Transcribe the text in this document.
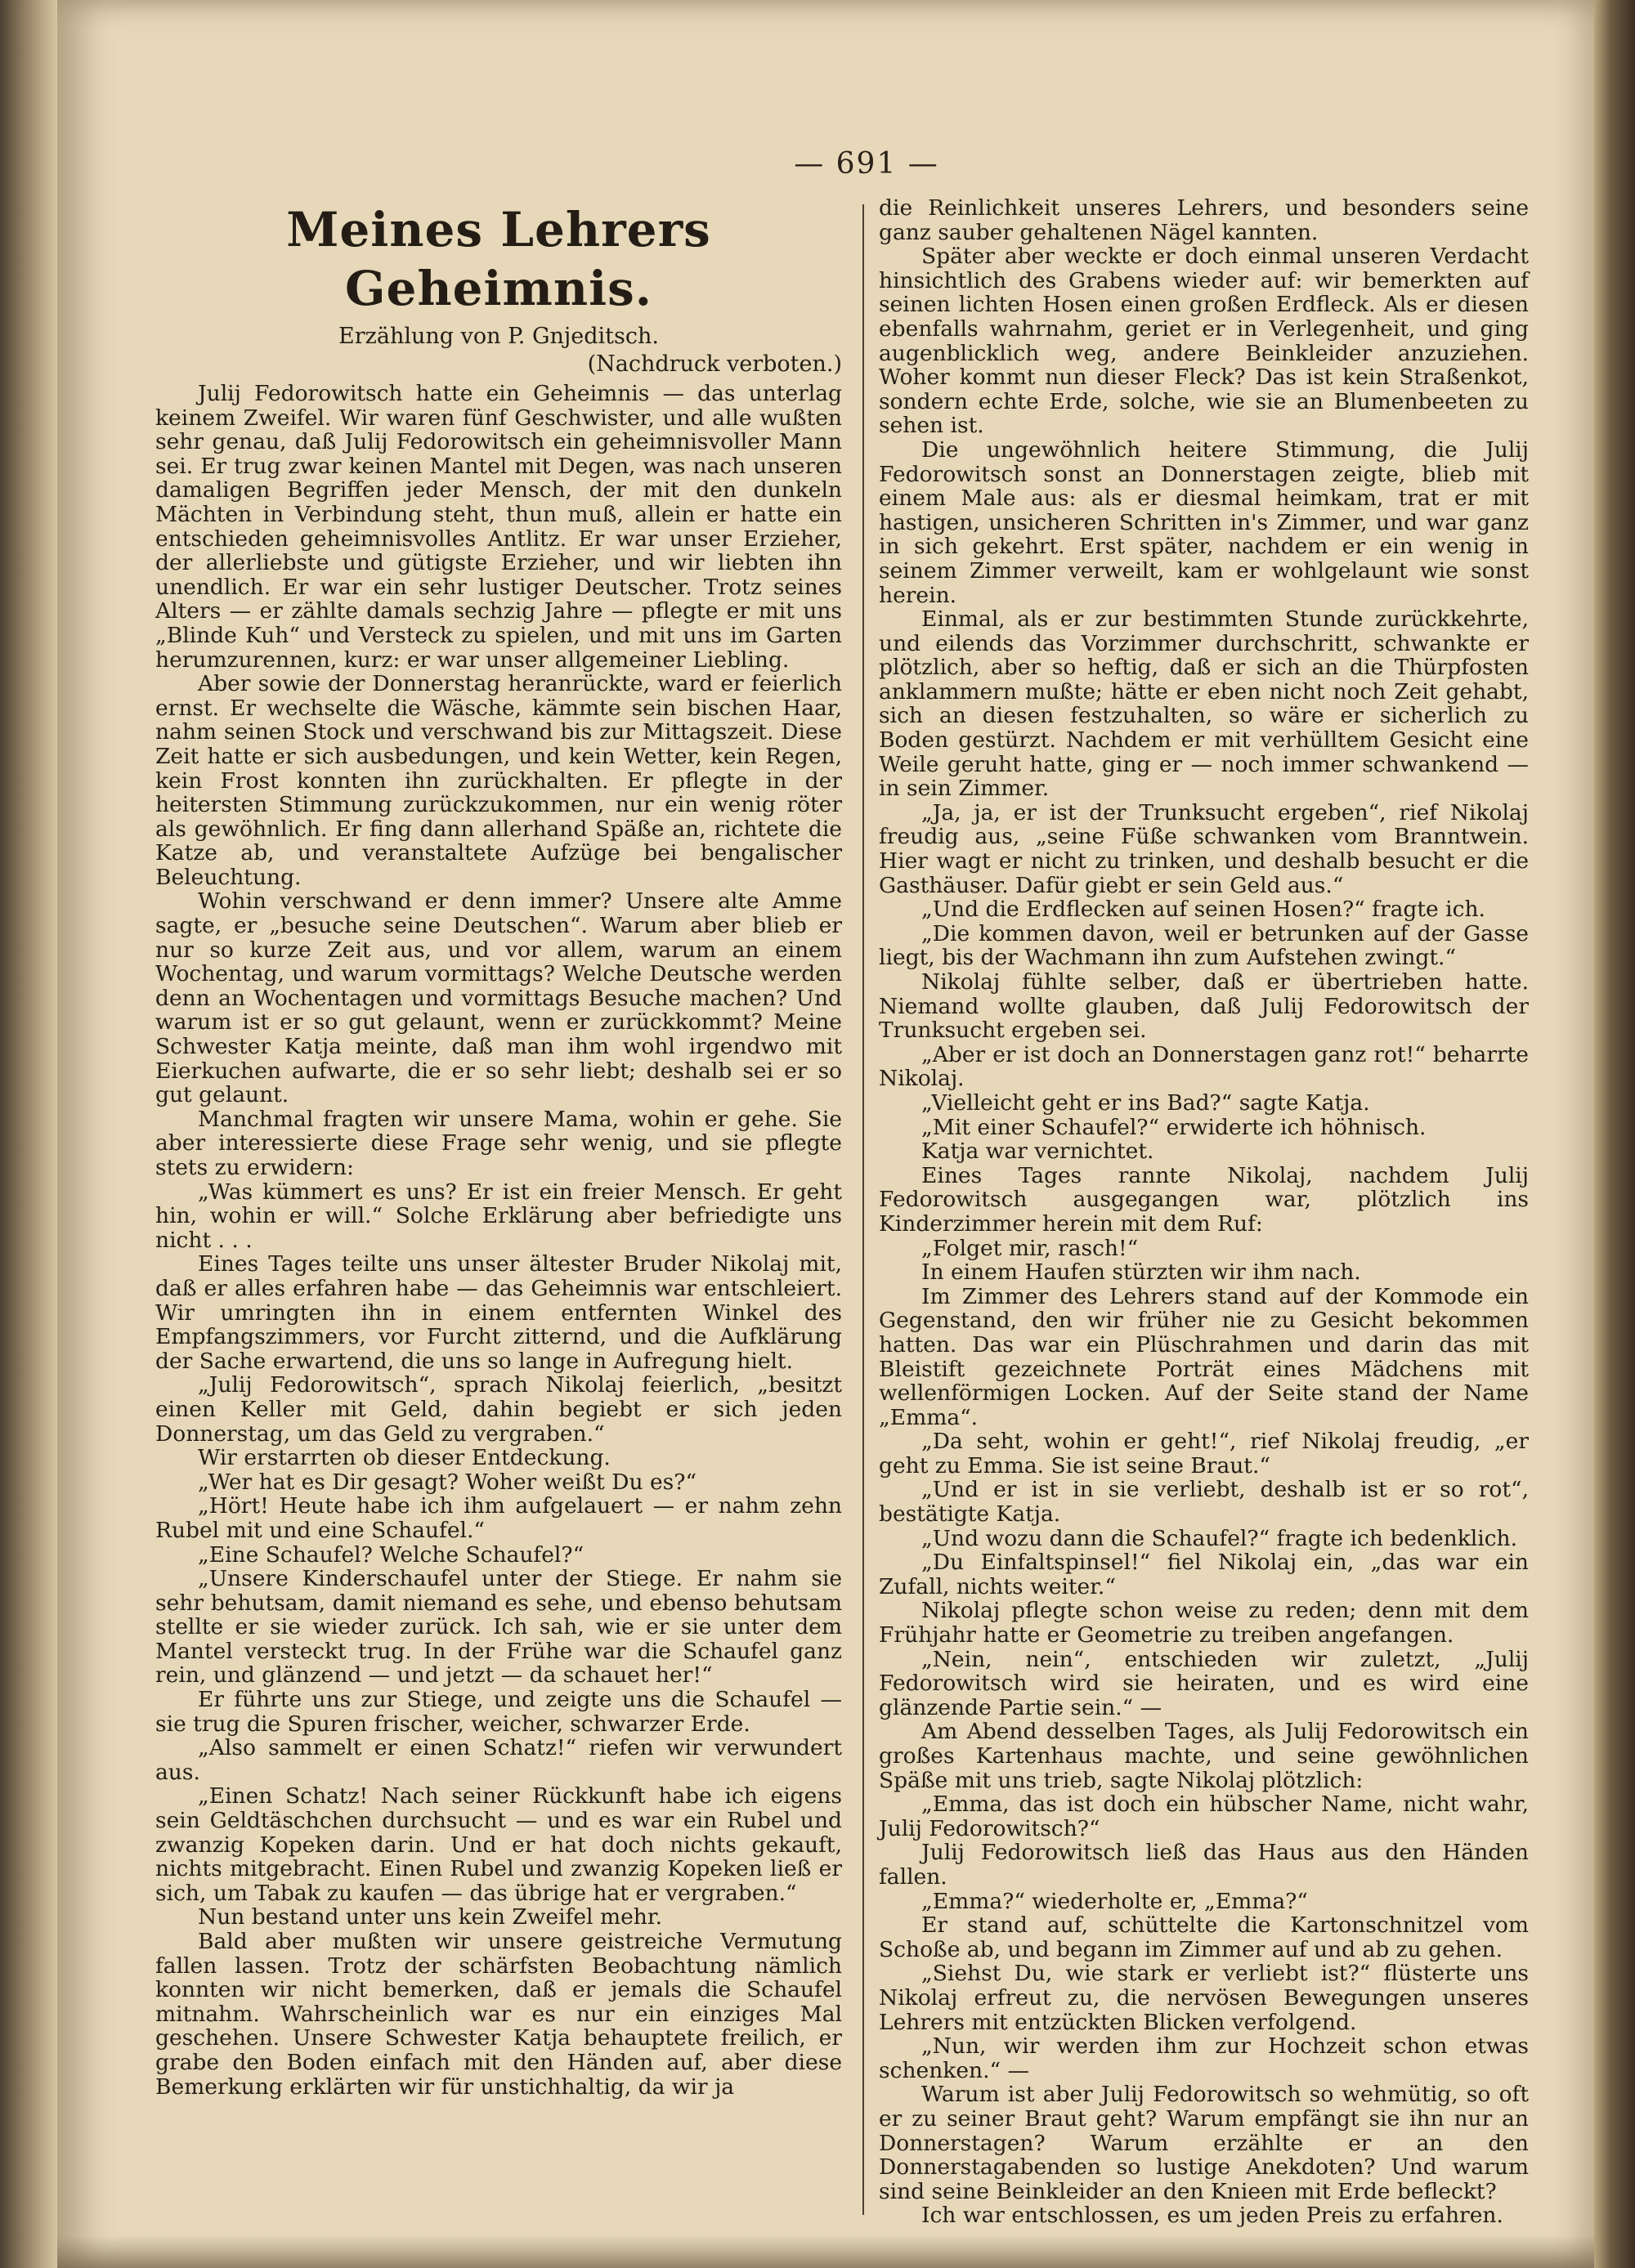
— 691 —
Meines Lehrers Geheimnis.
Erzählung von P. Gnjeditsch.
(Nachdruck verboten.)

Julij Fedorowitsch hatte ein Geheimnis — das unterlag keinem Zweifel. Wir waren fünf Geschwister, und alle wußten sehr genau, daß Julij Fedorowitsch ein geheimnisvoller Mann sei. Er trug zwar keinen Mantel mit Degen, was nach unseren damaligen Begriffen jeder Mensch, der mit den dunkeln Mächten in Verbindung steht, thun muß, allein er hatte ein entschieden geheimnisvolles Antlitz. Er war unser Erzieher, der allerliebste und gütigste Erzieher, und wir liebten ihn unendlich. Er war ein sehr lustiger Deutscher. Trotz seines Alters — er zählte damals sechzig Jahre — pflegte er mit uns „Blinde Kuh“ und Versteck zu spielen, und mit uns im Garten herumzurennen, kurz: er war unser allgemeiner Liebling.

Aber sowie der Donnerstag heranrückte, ward er feierlich ernst. Er wechselte die Wäsche, kämmte sein bischen Haar, nahm seinen Stock und verschwand bis zur Mittagszeit. Diese Zeit hatte er sich ausbedungen, und kein Wetter, kein Regen, kein Frost konnten ihn zurückhalten. Er pflegte in der heitersten Stimmung zurückzukommen, nur ein wenig röter als gewöhnlich. Er fing dann allerhand Späße an, richtete die Katze ab, und veranstaltete Aufzüge bei bengalischer Beleuchtung.

Wohin verschwand er denn immer? Unsere alte Amme sagte, er „besuche seine Deutschen“. Warum aber blieb er nur so kurze Zeit aus, und vor allem, warum an einem Wochentag, und warum vormittags? Welche Deutsche werden denn an Wochentagen und vormittags Besuche machen? Und warum ist er so gut gelaunt, wenn er zurückkommt? Meine Schwester Katja meinte, daß man ihm wohl irgendwo mit Eierkuchen aufwarte, die er so sehr liebt; deshalb sei er so gut gelaunt.

Manchmal fragten wir unsere Mama, wohin er gehe. Sie aber interessierte diese Frage sehr wenig, und sie pflegte stets zu erwidern:

„Was kümmert es uns? Er ist ein freier Mensch. Er geht hin, wohin er will.“ Solche Erklärung aber befriedigte uns nicht . . .

Eines Tages teilte uns unser ältester Bruder Nikolaj mit, daß er alles erfahren habe — das Geheimnis war entschleiert. Wir umringten ihn in einem entfernten Winkel des Empfangszimmers, vor Furcht zitternd, und die Aufklärung der Sache erwartend, die uns so lange in Aufregung hielt.

„Julij Fedorowitsch“, sprach Nikolaj feierlich, „besitzt einen Keller mit Geld, dahin begiebt er sich jeden Donnerstag, um das Geld zu vergraben.“

Wir erstarrten ob dieser Entdeckung.

„Wer hat es Dir gesagt? Woher weißt Du es?“

„Hört! Heute habe ich ihm aufgelauert — er nahm zehn Rubel mit und eine Schaufel.“

„Eine Schaufel? Welche Schaufel?“

„Unsere Kinderschaufel unter der Stiege. Er nahm sie sehr behutsam, damit niemand es sehe, und ebenso behutsam stellte er sie wieder zurück. Ich sah, wie er sie unter dem Mantel versteckt trug. In der Frühe war die Schaufel ganz rein, und glänzend — und jetzt — da schauet her!“

Er führte uns zur Stiege, und zeigte uns die Schaufel — sie trug die Spuren frischer, weicher, schwarzer Erde.

„Also sammelt er einen Schatz!“ riefen wir verwundert aus.

„Einen Schatz! Nach seiner Rückkunft habe ich eigens sein Geldtäschchen durchsucht — und es war ein Rubel und zwanzig Kopeken darin. Und er hat doch nichts gekauft, nichts mitgebracht. Einen Rubel und zwanzig Kopeken ließ er sich, um Tabak zu kaufen — das übrige hat er vergraben.“

Nun bestand unter uns kein Zweifel mehr.

Bald aber mußten wir unsere geistreiche Vermutung fallen lassen. Trotz der schärfsten Beobachtung nämlich konnten wir nicht bemerken, daß er jemals die Schaufel mitnahm. Wahrscheinlich war es nur ein einziges Mal geschehen. Unsere Schwester Katja behauptete freilich, er grabe den Boden einfach mit den Händen auf, aber diese Bemerkung erklärten wir für unstichhaltig, da wir ja

die Reinlichkeit unseres Lehrers, und besonders seine ganz sauber gehaltenen Nägel kannten.

Später aber weckte er doch einmal unseren Verdacht hinsichtlich des Grabens wieder auf: wir bemerkten auf seinen lichten Hosen einen großen Erdfleck. Als er diesen ebenfalls wahrnahm, geriet er in Verlegenheit, und ging augenblicklich weg, andere Beinkleider anzuziehen. Woher kommt nun dieser Fleck? Das ist kein Straßenkot, sondern echte Erde, solche, wie sie an Blumenbeeten zu sehen ist.

Die ungewöhnlich heitere Stimmung, die Julij Fedorowitsch sonst an Donnerstagen zeigte, blieb mit einem Male aus: als er diesmal heimkam, trat er mit hastigen, unsicheren Schritten in's Zimmer, und war ganz in sich gekehrt. Erst später, nachdem er ein wenig in seinem Zimmer verweilt, kam er wohlgelaunt wie sonst herein.

Einmal, als er zur bestimmten Stunde zurückkehrte, und eilends das Vorzimmer durchschritt, schwankte er plötzlich, aber so heftig, daß er sich an die Thürpfosten anklammern mußte; hätte er eben nicht noch Zeit gehabt, sich an diesen festzuhalten, so wäre er sicherlich zu Boden gestürzt. Nachdem er mit verhülltem Gesicht eine Weile geruht hatte, ging er — noch immer schwankend — in sein Zimmer.

„Ja, ja, er ist der Trunksucht ergeben“, rief Nikolaj freudig aus, „seine Füße schwanken vom Branntwein. Hier wagt er nicht zu trinken, und deshalb besucht er die Gasthäuser. Dafür giebt er sein Geld aus.“

„Und die Erdflecken auf seinen Hosen?“ fragte ich.

„Die kommen davon, weil er betrunken auf der Gasse liegt, bis der Wachmann ihn zum Aufstehen zwingt.“

Nikolaj fühlte selber, daß er übertrieben hatte. Niemand wollte glauben, daß Julij Fedorowitsch der Trunksucht ergeben sei.

„Aber er ist doch an Donnerstagen ganz rot!“ beharrte Nikolaj.

„Vielleicht geht er ins Bad?“ sagte Katja.

„Mit einer Schaufel?“ erwiderte ich höhnisch.

Katja war vernichtet.

Eines Tages rannte Nikolaj, nachdem Julij Fedorowitsch ausgegangen war, plötzlich ins Kinderzimmer herein mit dem Ruf:

„Folget mir, rasch!“

In einem Haufen stürzten wir ihm nach.

Im Zimmer des Lehrers stand auf der Kommode ein Gegenstand, den wir früher nie zu Gesicht bekommen hatten. Das war ein Plüschrahmen und darin das mit Bleistift gezeichnete Porträt eines Mädchens mit wellenförmigen Locken. Auf der Seite stand der Name „Emma“.

„Da seht, wohin er geht!“, rief Nikolaj freudig, „er geht zu Emma. Sie ist seine Braut.“

„Und er ist in sie verliebt, deshalb ist er so rot“, bestätigte Katja.

„Und wozu dann die Schaufel?“ fragte ich bedenklich.

„Du Einfaltspinsel!“ fiel Nikolaj ein, „das war ein Zufall, nichts weiter.“

Nikolaj pflegte schon weise zu reden; denn mit dem Frühjahr hatte er Geometrie zu treiben angefangen.

„Nein, nein“, entschieden wir zuletzt, „Julij Fedorowitsch wird sie heiraten, und es wird eine glänzende Partie sein.“ —

Am Abend desselben Tages, als Julij Fedorowitsch ein großes Kartenhaus machte, und seine gewöhnlichen Späße mit uns trieb, sagte Nikolaj plötzlich:

„Emma, das ist doch ein hübscher Name, nicht wahr, Julij Fedorowitsch?“

Julij Fedorowitsch ließ das Haus aus den Händen fallen.

„Emma?“ wiederholte er, „Emma?“

Er stand auf, schüttelte die Kartonschnitzel vom Schoße ab, und begann im Zimmer auf und ab zu gehen.

„Siehst Du, wie stark er verliebt ist?“ flüsterte uns Nikolaj erfreut zu, die nervösen Bewegungen unseres Lehrers mit entzückten Blicken verfolgend.

„Nun, wir werden ihm zur Hochzeit schon etwas schenken.“ —

Warum ist aber Julij Fedorowitsch so wehmütig, so oft er zu seiner Braut geht? Warum empfängt sie ihn nur an Donnerstagen? Warum erzählte er an den Donnerstagabenden so lustige Anekdoten? Und warum sind seine Beinkleider an den Knieen mit Erde befleckt?

Ich war entschlossen, es um jeden Preis zu erfahren.
